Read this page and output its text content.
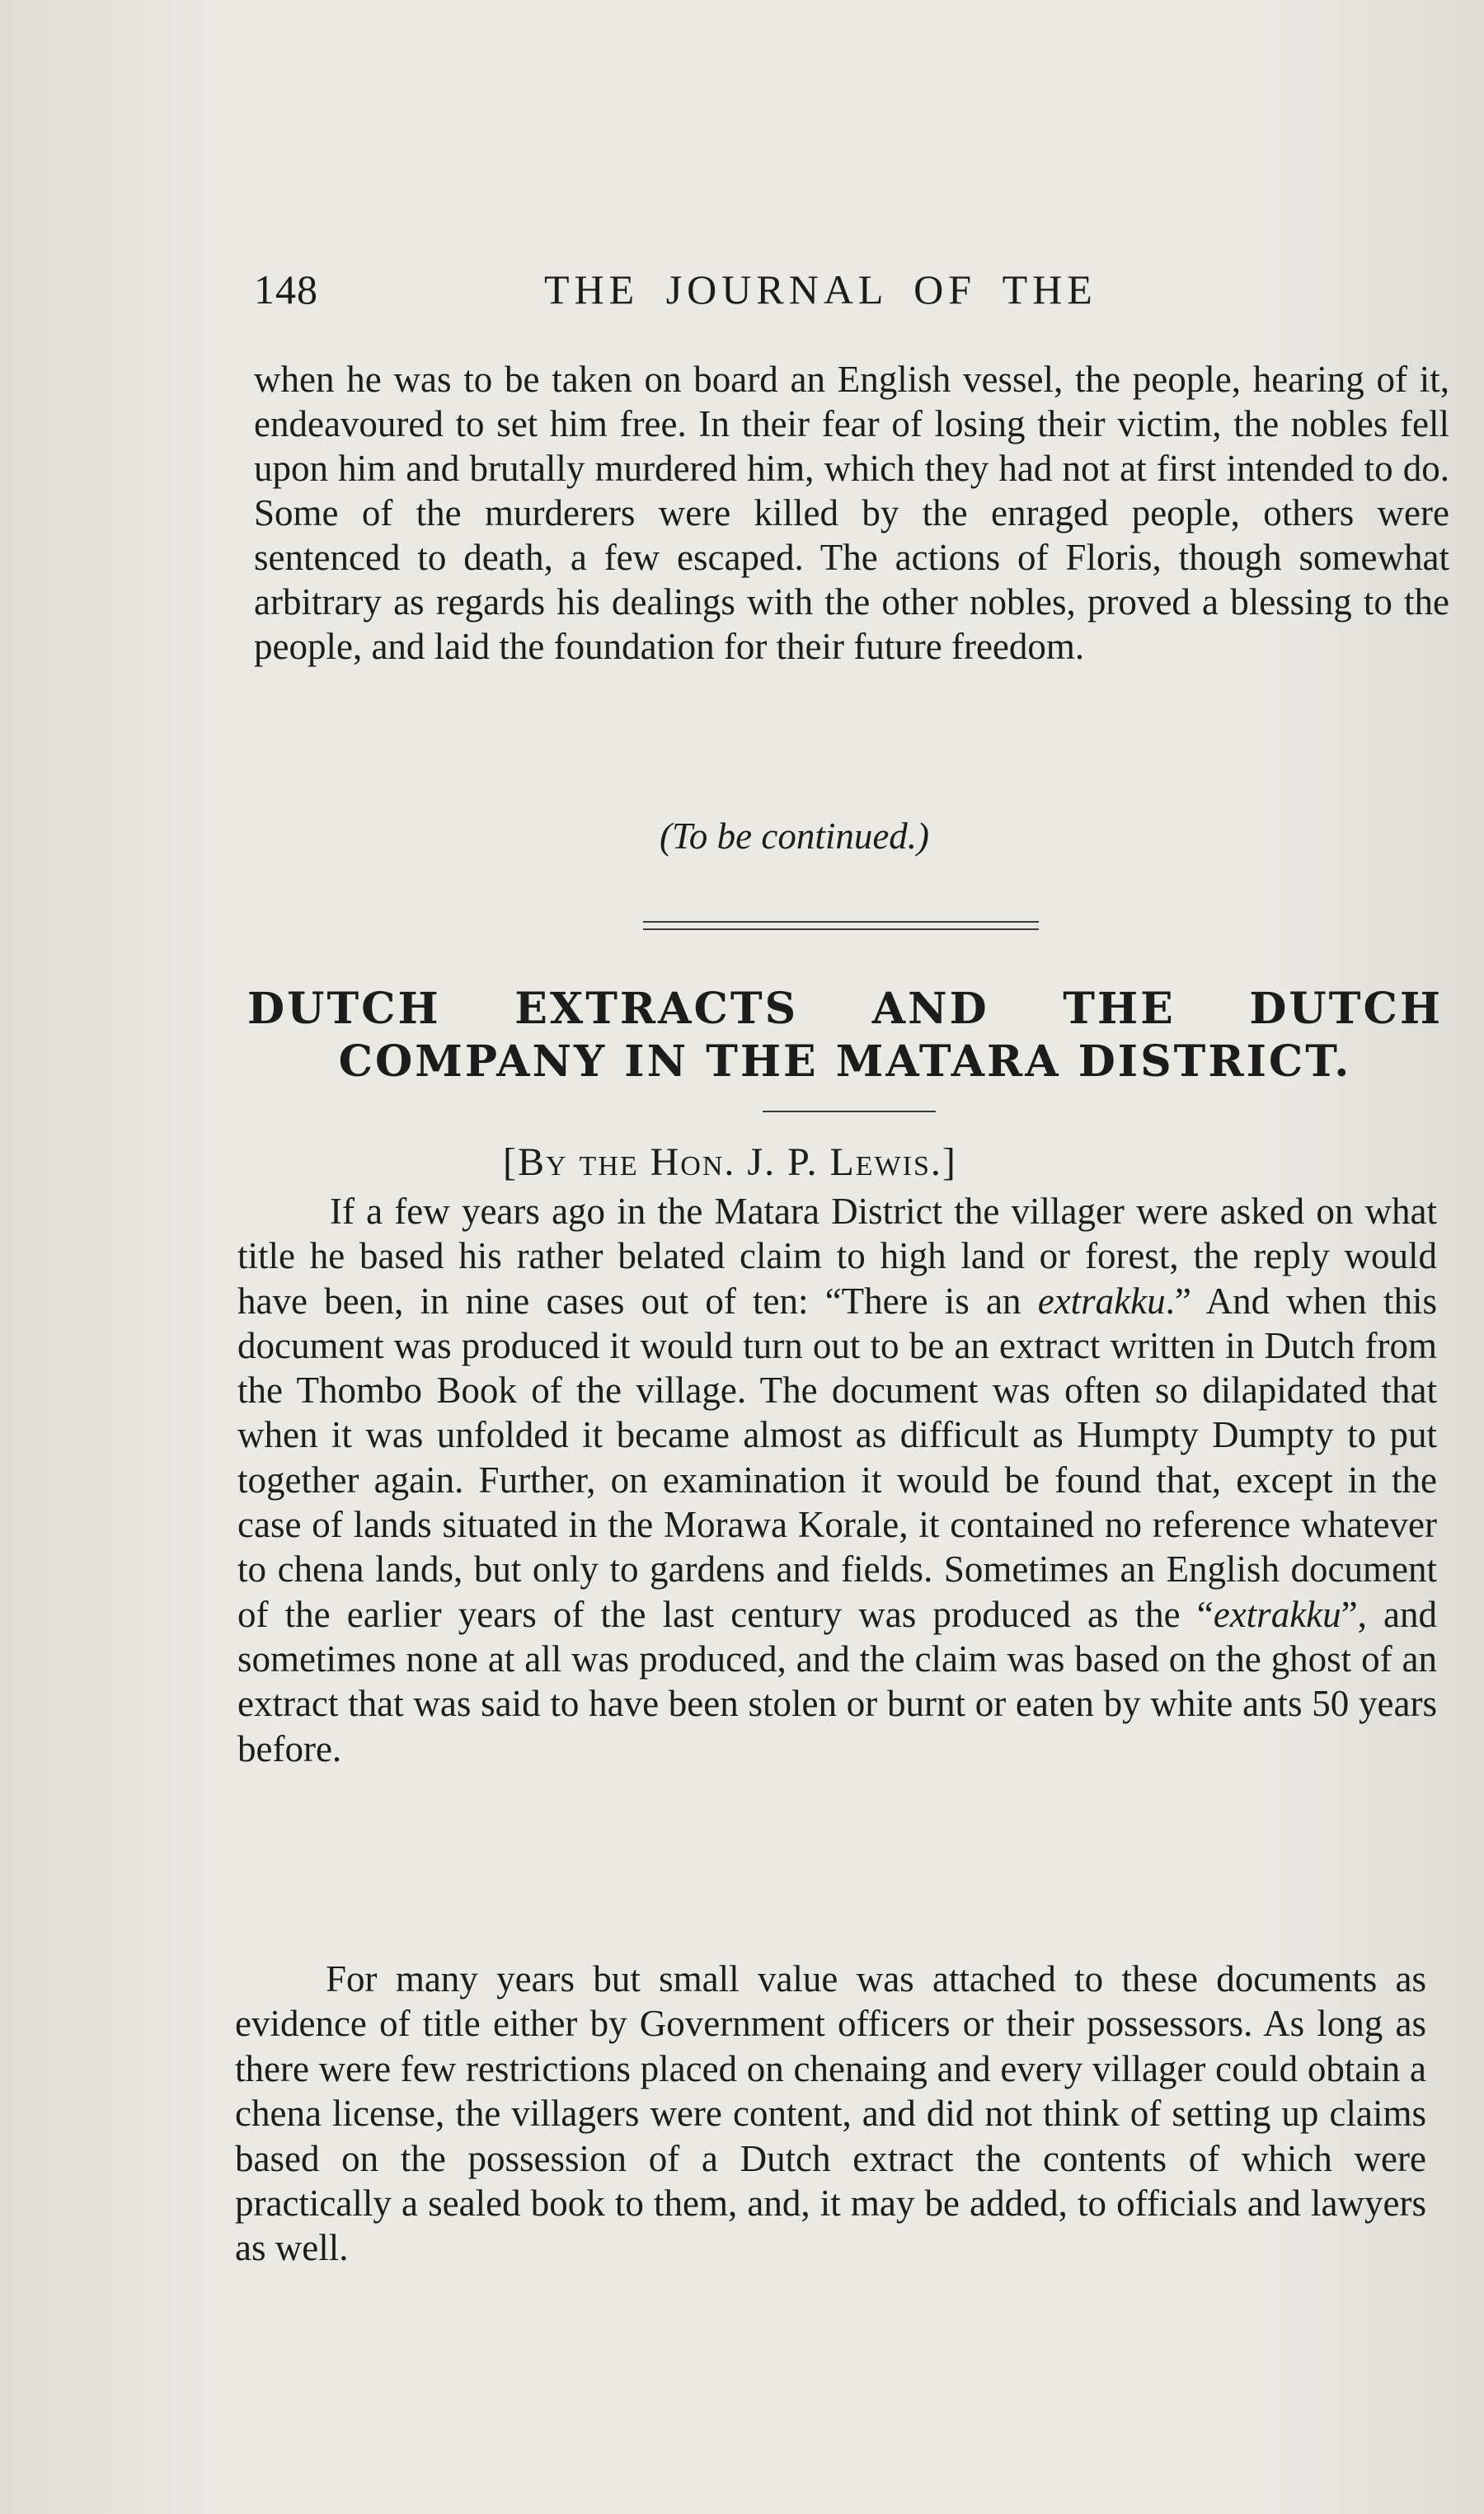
148	THE JOURNAL OF THE

when he was to be taken on board an English vessel, the people, hearing of it, endeavoured to set him free. In their fear of losing their victim, the nobles fell upon him and brutally murdered him, which they had not at first intended to do. Some of the murderers were killed by the enraged people, others were sentenced to death, a few escaped. The actions of Floris, though somewhat arbitrary as regards his dealings with the other nobles, proved a blessing to the people, and laid the foundation for their future freedom.

(To be continued.)
DUTCH EXTRACTS AND THE DUTCH
COMPANY IN THE MATARA DISTRICT.
[By the Hon. J. P. Lewis.]

If a few years ago in the Matara District the villager were asked on what title he based his rather belated claim to high land or forest, the reply would have been, in nine cases out of ten: “There is an extrakku.” And when this document was produced it would turn out to be an extract written in Dutch from the Thombo Book of the village. The document was often so dilapidated that when it was unfolded it became almost as difficult as Humpty Dumpty to put together again. Further, on examination it would be found that, except in the case of lands situated in the Morawa Korale, it contained no reference whatever to chena lands, but only to gardens and fields. Sometimes an English document of the earlier years of the last century was produced as the “extrakku”, and sometimes none at all was produced, and the claim was based on the ghost of an extract that was said to have been stolen or burnt or eaten by white ants 50 years before.

For many years but small value was attached to these documents as evidence of title either by Government officers or their possessors. As long as there were few restrictions placed on chenaing and every villager could obtain a chena license, the villagers were content, and did not think of setting up claims based on the possession of a Dutch extract the contents of which were practically a sealed book to them, and, it may be added, to officials and lawyers as well.
